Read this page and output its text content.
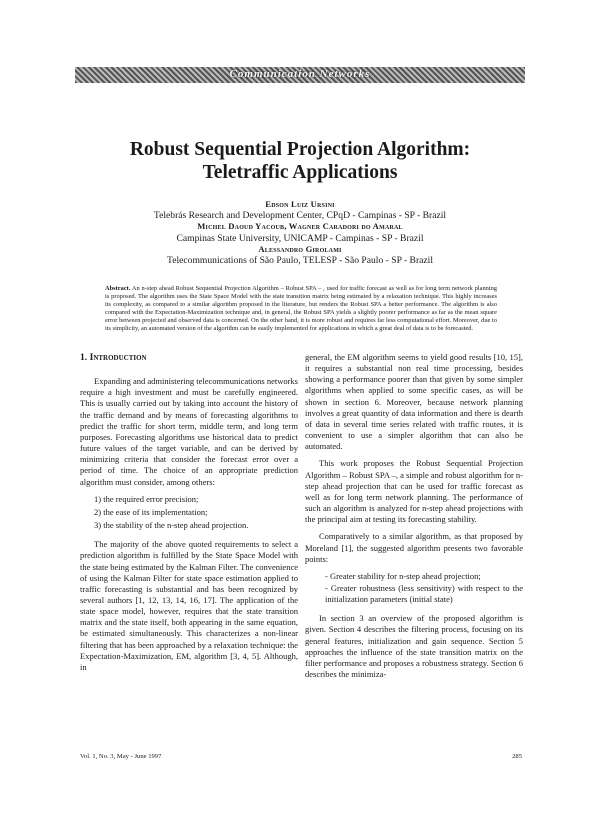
Communication Networks
Robust Sequential Projection Algorithm:
Teletraffic Applications
Edson Luiz Ursini
Telebrás Research and Development Center, CPqD - Campinas - SP - Brazil
Michel Daoud Yacoub, Wagner Caradori do Amaral
Campinas State University, UNICAMP - Campinas - SP - Brazil
Alessandro Girolami
Telecommunications of São Paulo, TELESP - São Paulo - SP - Brazil
Abstract. An n-step ahead Robust Sequential Projection Algorithm – Robust SPA – , used for traffic forecast as well as for long term network planning is proposed. The algorithm uses the State Space Model with the state transition matrix being estimated by a relaxation technique. This highly increases its complexity, as compared to a similar algorithm proposed in the literature, but renders the Robust SPA a better performance. The algorithm is also compared with the Expectation-Maximization technique and, in general, the Robust SPA yields a slightly poorer performance as far as the mean square error between projected and observed data is concerned. On the other hand, it is more robust and requires far less computational effort. Moreover, due to its simplicity, an automated version of the algorithm can be easily implemented for applications in which a great deal of data is to be forecasted.
1. Introduction

Expanding and administering telecommunications networks require a high investment and must be carefully engineered. This is usually carried out by taking into account the history of the traffic demand and by means of forecasting algorithms to predict the traffic for short term, middle term, and long term purposes. Forecasting algorithms use historical data to predict future values of the target variable, and can be derived by minimizing criteria that consider the forecast error over a period of time. The choice of an appropriate prediction algorithm must consider, among others:

1) the required error precision;
2) the ease of its implementation;
3) the stability of the n-step ahead projection.

The majority of the above quoted requirements to select a prediction algorithm is fulfilled by the State Space Model with the state being estimated by the Kalman Filter. The convenience of using the Kalman Filter for state space estimation applied to traffic forecasting is substantial and has been recognized by several authors [1, 12, 13, 14, 16, 17]. The application of the state space model, however, requires that the state transition matrix and the state itself, both appearing in the same equation, be estimated simultaneously. This characterizes a non-linear filtering that has been approached by a relaxation technique: the Expectation-Maximization, EM, algorithm [3, 4, 5]. Although, in

general, the EM algorithm seems to yield good results [10, 15], it requires a substantial non real time processing, besides showing a performance poorer than that given by some simpler algorithms when applied to some specific cases, as will be shown in section 6. Moreover, because network planning involves a great quantity of data information and there is dearth of data in several time series related with traffic routes, it is convenient to use a simpler algorithm that can also be automated.

This work proposes the Robust Sequential Projection Algorithm – Robust SPA –, a simple and robust algorithm for n-step ahead projection that can be used for traffic forecast as well as for long term network planning. The performance of such an algorithm is analyzed for n-step ahead projections with the principal aim at testing its forecasting stability.

Comparatively to a similar algorithm, as that proposed by Moreland [1], the suggested algorithm presents two favorable points:

- Greater stability for n-step ahead projection;
- Greater robustness (less sensitivity) with respect to the initialization parameters (initial state)

In section 3 an overview of the proposed algorithm is given. Section 4 describes the filtering process, focusing on its general features, initialization and gain sequence. Section 5 approaches the influence of the state transition matrix on the filter performance and proposes a robustness strategy. Section 6 describes the minimiza-

Vol. 1, No. 3, May - June 1997	285
